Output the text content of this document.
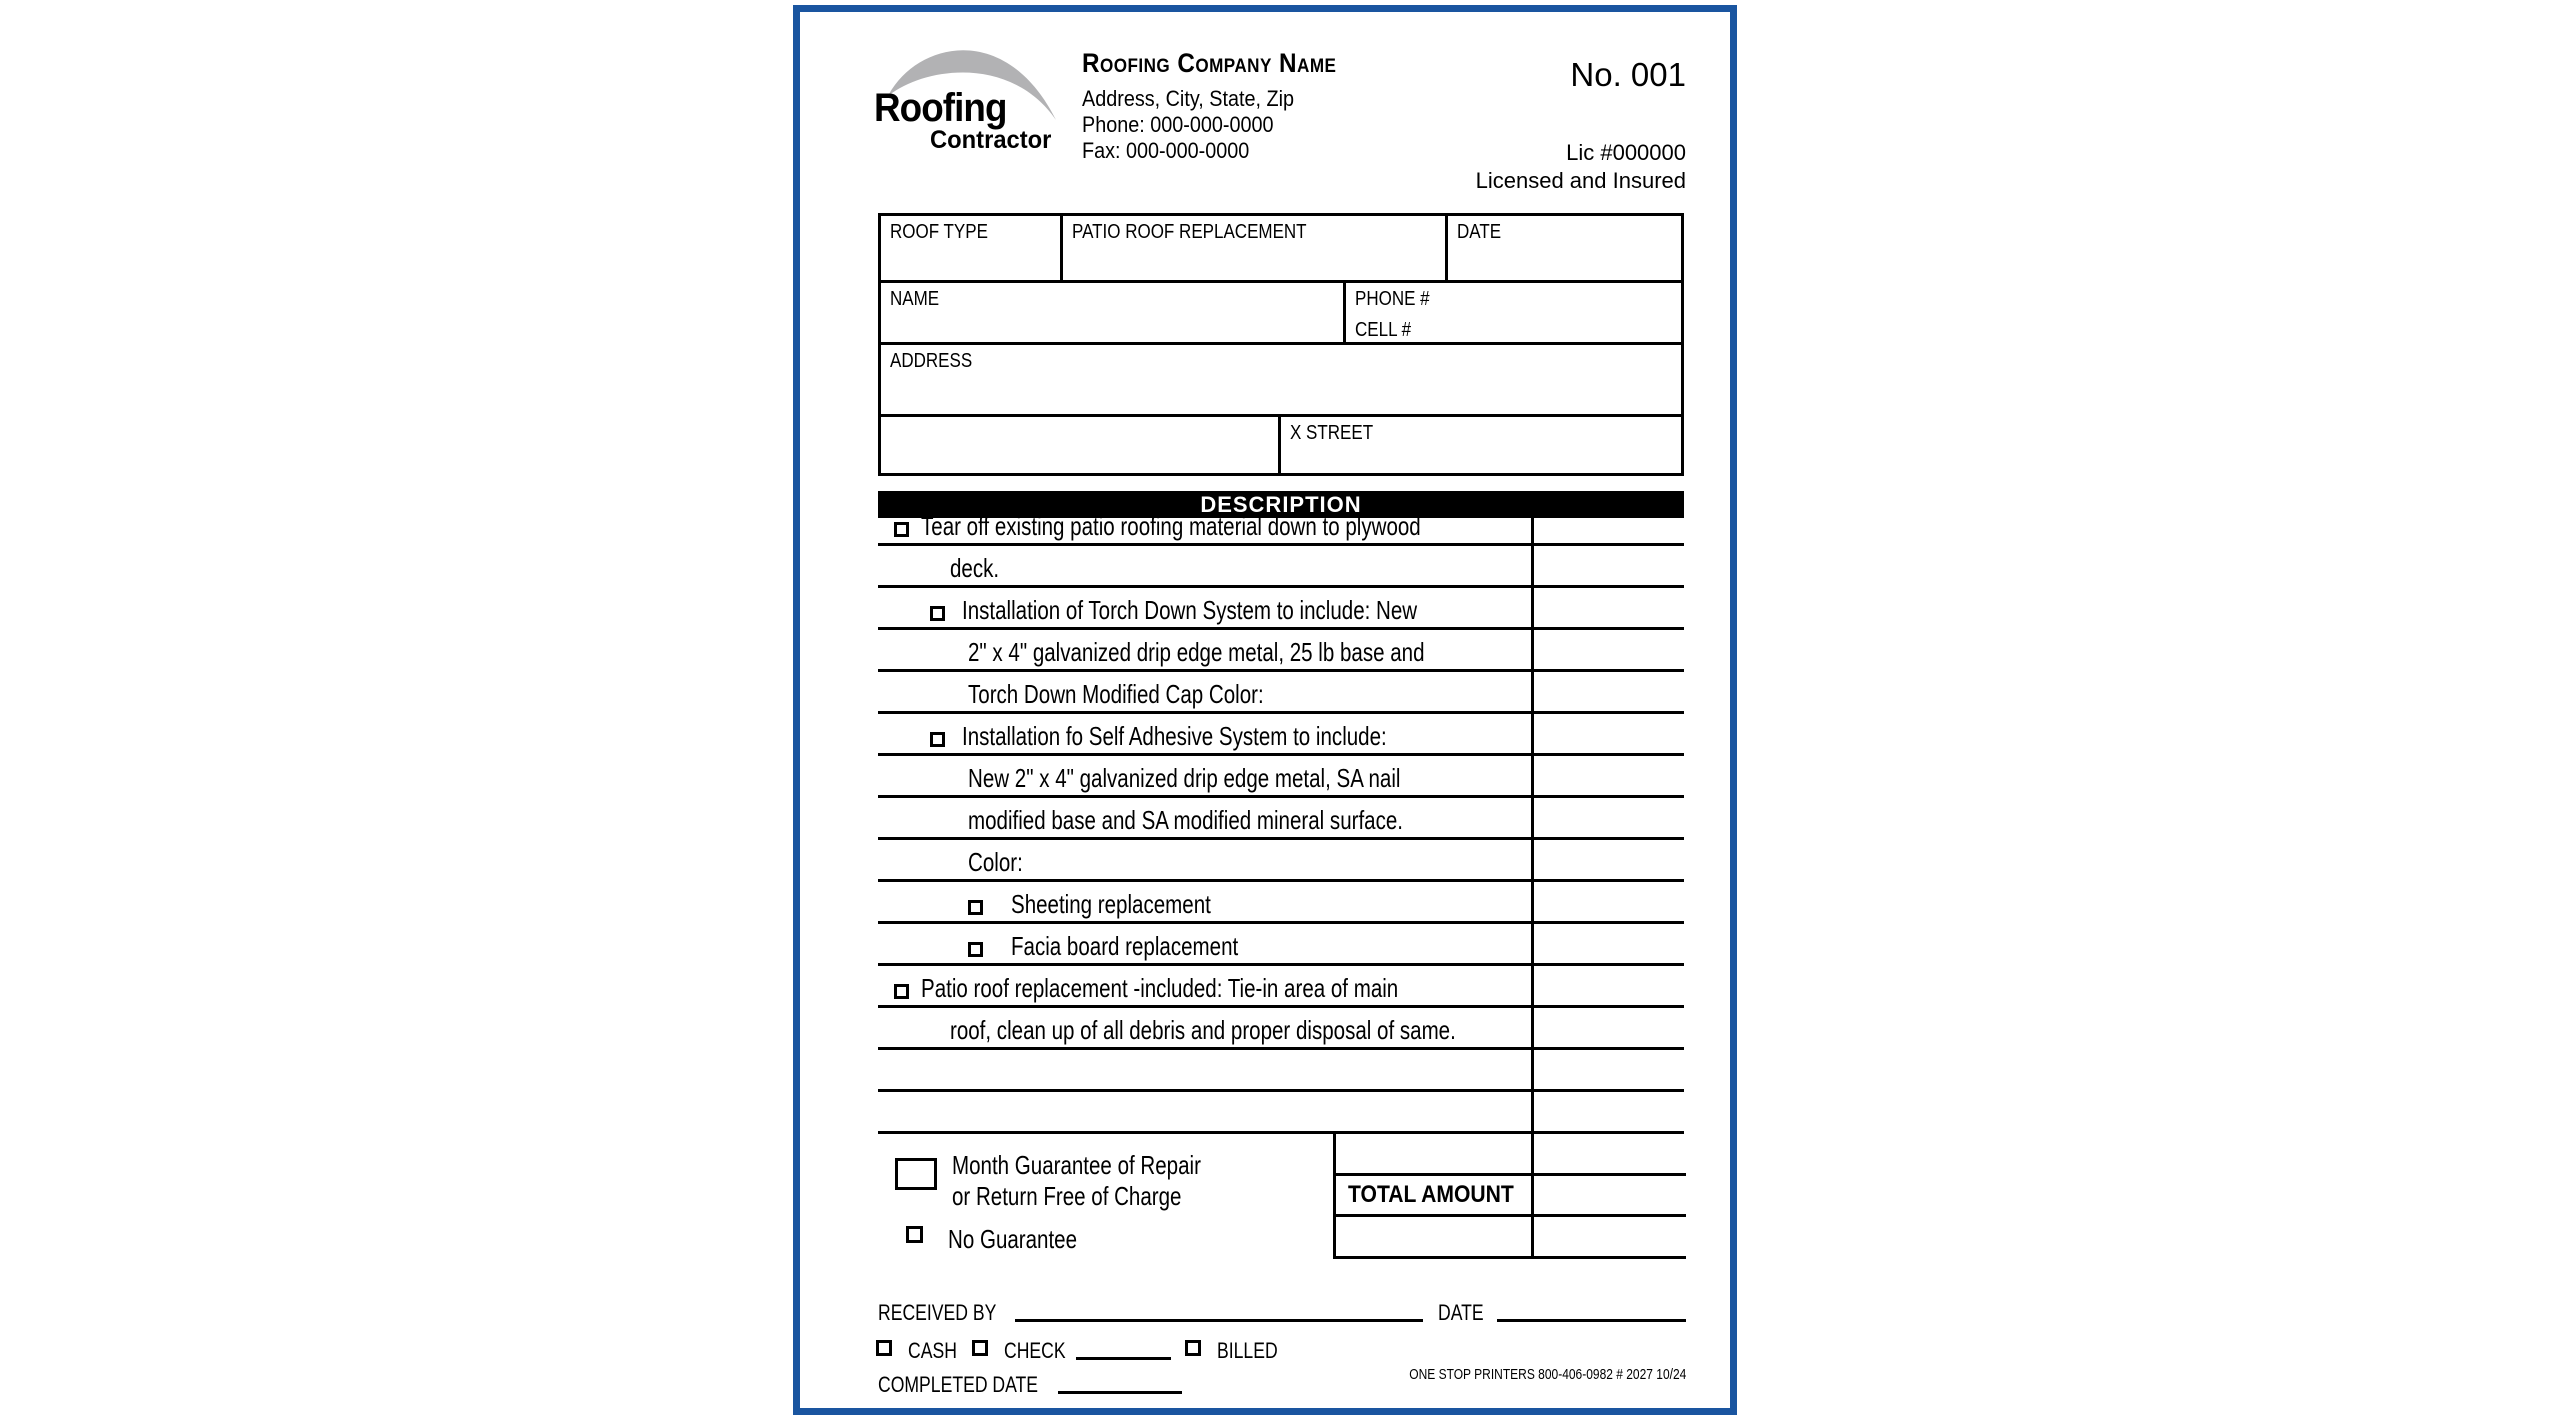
Roofing
Contractor
Roofing Company Name
Address, City, State, Zip
Phone: 000-000-0000
Fax: 000-000-0000
No. 001
Lic #000000
Licensed and Insured
ROOF TYPE	PATIO ROOF REPLACEMENT	DATE
NAME	PHONE #
CELL #
ADDRESS
X STREET
DESCRIPTION
Tear off existing patio roofing material down to plywood
deck.
Installation of Torch Down System to include: New
2" x 4" galvanized drip edge metal, 25 lb base and
Torch Down Modified Cap Color:
Installation fo Self Adhesive System to include:
New 2" x 4" galvanized drip edge metal, SA nail
modified base and SA modified mineral surface.
Color:
Sheeting replacement
Facia board replacement
Patio roof replacement -included: Tie-in area of main
roof, clean up of all debris and proper disposal of same.
TOTAL AMOUNT
Month Guarantee of Repair
or Return Free of Charge
No Guarantee
RECEIVED BY	DATE
CASH	CHECK	BILLED
COMPLETED DATE	ONE STOP PRINTERS 800-406-0982 # 2027 10/24
